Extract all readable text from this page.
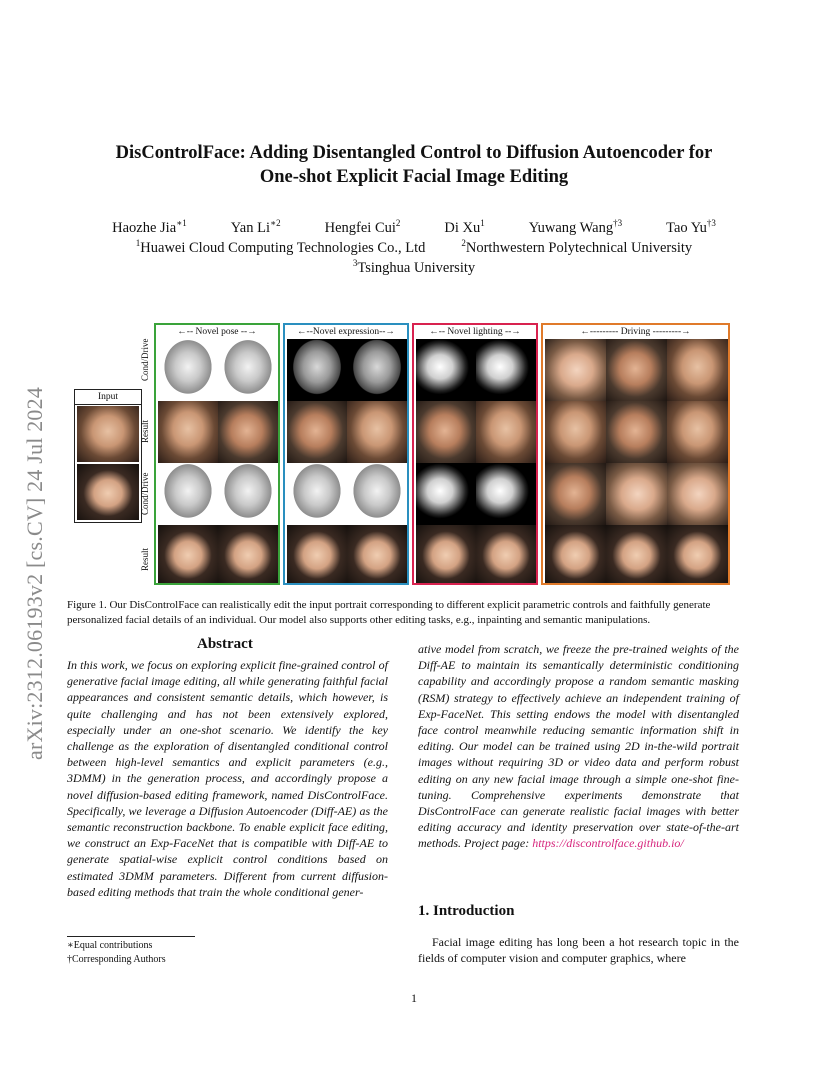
arXiv:2312.06193v2 [cs.CV] 24 Jul 2024
DisControlFace: Adding Disentangled Control to Diffusion Autoencoder for
One-shot Explicit Facial Image Editing
Haozhe Jia$^{∗1}$	Yan $Li^{∗2}$	Hengfei Cui$^2$	Di Xu$^1$	Yuwang Wang$^{\dagger 3}$	Tao Yu$^{\dagger 3}$
$^1$Huawei Cloud Computing Technologies Co., Ltd	$^2$Northwestern Polytechnical University
$^3$Tsinghua University
Input
Cond/Drive
Result
Cond/Drive
Result
←-- Novel pose --→	←--Novel expression--→	←-- Novel lighting --→	←--------- Driving ---------→
Figure 1. Our DisControlFace can realistically edit the input portrait corresponding to different explicit parametric controls and faithfully generate personalized facial details of an individual. Our model also supports other editing tasks, e.g., inpainting and semantic manipulations.
Abstract
In this work, we focus on exploring explicit fine-grained control of generative facial image editing, all while generating faithful facial appearances and consistent semantic details, which however, is quite challenging and has not been extensively explored, especially under an one-shot scenario. We identify the key challenge as the exploration of disentangled conditional control between high-level semantics and explicit parameters (e.g., 3DMM) in the generation process, and accordingly propose a novel diffusion-based editing framework, named DisControlFace. Specifically, we leverage a Diffusion Autoencoder (Diff-AE) as the semantic reconstruction backbone. To enable explicit face editing, we construct an Exp-FaceNet that is compatible with Diff-AE to generate spatial-wise explicit control conditions based on estimated 3DMM parameters. Different from current diffusion-based editing methods that train the whole conditional gener-
ative model from scratch, we freeze the pre-trained weights of the Diff-AE to maintain its semantically deterministic conditioning capability and accordingly propose a random semantic masking (RSM) strategy to effectively achieve an independent training of Exp-FaceNet. This setting endows the model with disentangled face control meanwhile reducing semantic information shift in editing. Our model can be trained using 2D in-the-wild portrait images without requiring 3D or video data and perform robust editing on any new facial image through a simple one-shot fine-tuning. Comprehensive experiments demonstrate that DisControlFace can generate realistic facial images with better editing accuracy and identity preservation over state-of-the-art methods. Project page: https://discontrolface.github.io/
1. Introduction
Facial image editing has long been a hot research topic in the fields of computer vision and computer graphics, where
∗Equal contributions
†Corresponding Authors
1
